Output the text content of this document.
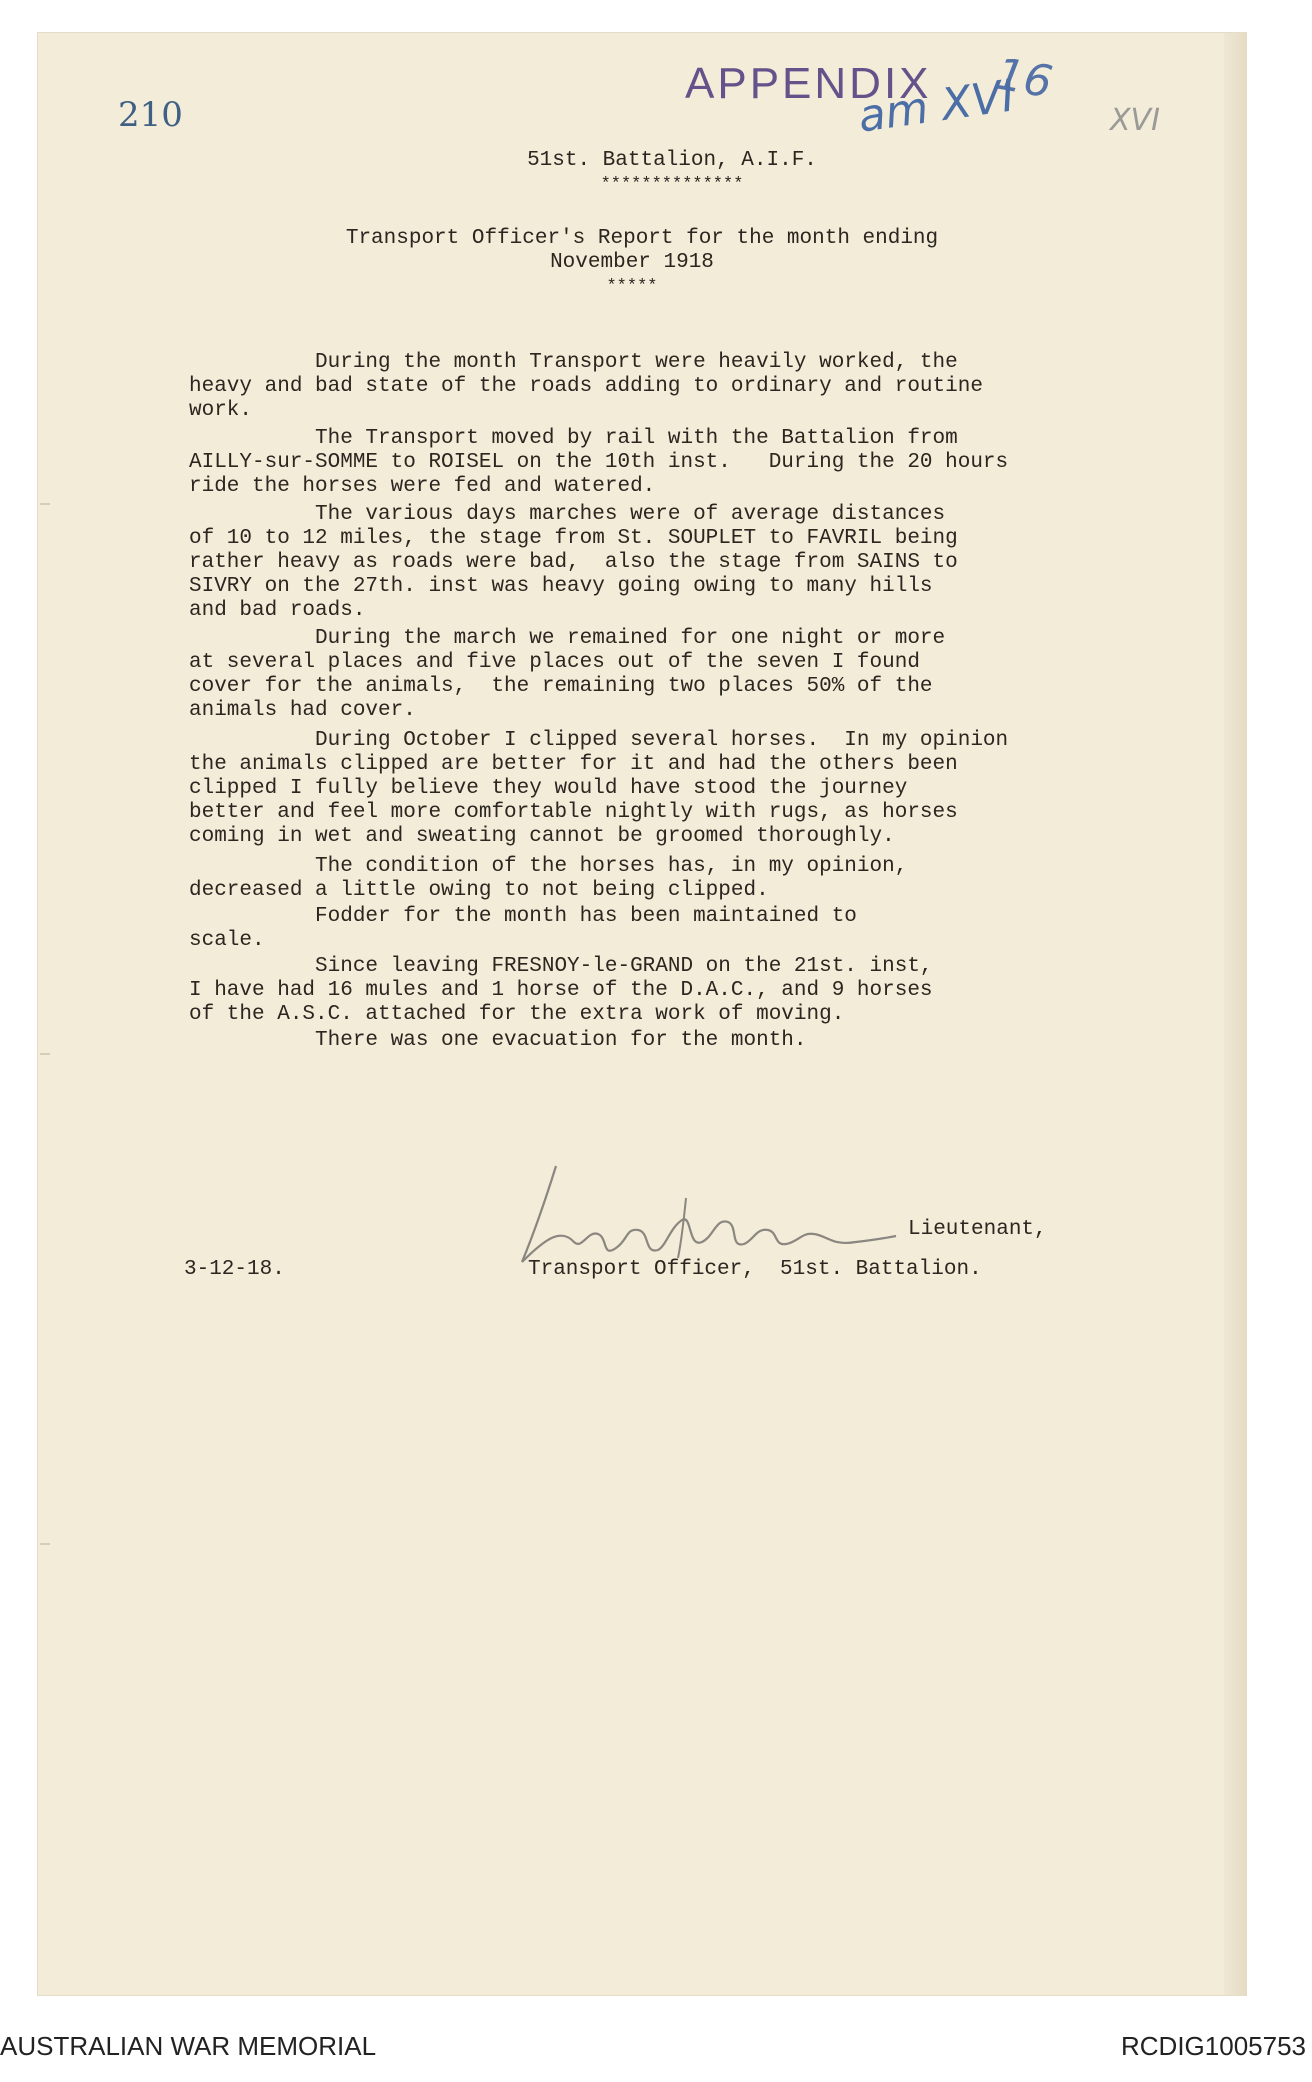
210
APPENDIX 16
am XVI	XVI
51st. Battalion, A.I.F.
**************
Transport Officer's Report for the month ending
November 1918
*****

During the month Transport were heavily worked, the
heavy and bad state of the roads adding to ordinary and routine
work.

The Transport moved by rail with the Battalion from
AILLY-sur-SOMME to ROISEL on the 10th inst.   During the 20 hours
ride the horses were fed and watered.

The various days marches were of average distances
of 10 to 12 miles, the stage from St. SOUPLET to FAVRIL being
rather heavy as roads were bad,  also the stage from SAINS to
SIVRY on the 27th. inst was heavy going owing to many hills
and bad roads.

During the march we remained for one night or more
at several places and five places out of the seven I found
cover for the animals,  the remaining two places 50% of the
animals had cover.

During October I clipped several horses.  In my opinion
the animals clipped are better for it and had the others been
clipped I fully believe they would have stood the journey
better and feel more comfortable nightly with rugs, as horses
coming in wet and sweating cannot be groomed thoroughly.

The condition of the horses has, in my opinion,
decreased a little owing to not being clipped.

Fodder for the month has been maintained to
scale.

Since leaving FRESNOY-le-GRAND on the 21st. inst,
I have had 16 mules and 1 horse of the D.A.C., and 9 horses
of the A.S.C. attached for the extra work of moving.

There was one evacuation for the month.

Lieutenant,
3-12-18.	Transport Officer,  51st. Battalion.
AUSTRALIAN WAR MEMORIAL	RCDIG1005753
